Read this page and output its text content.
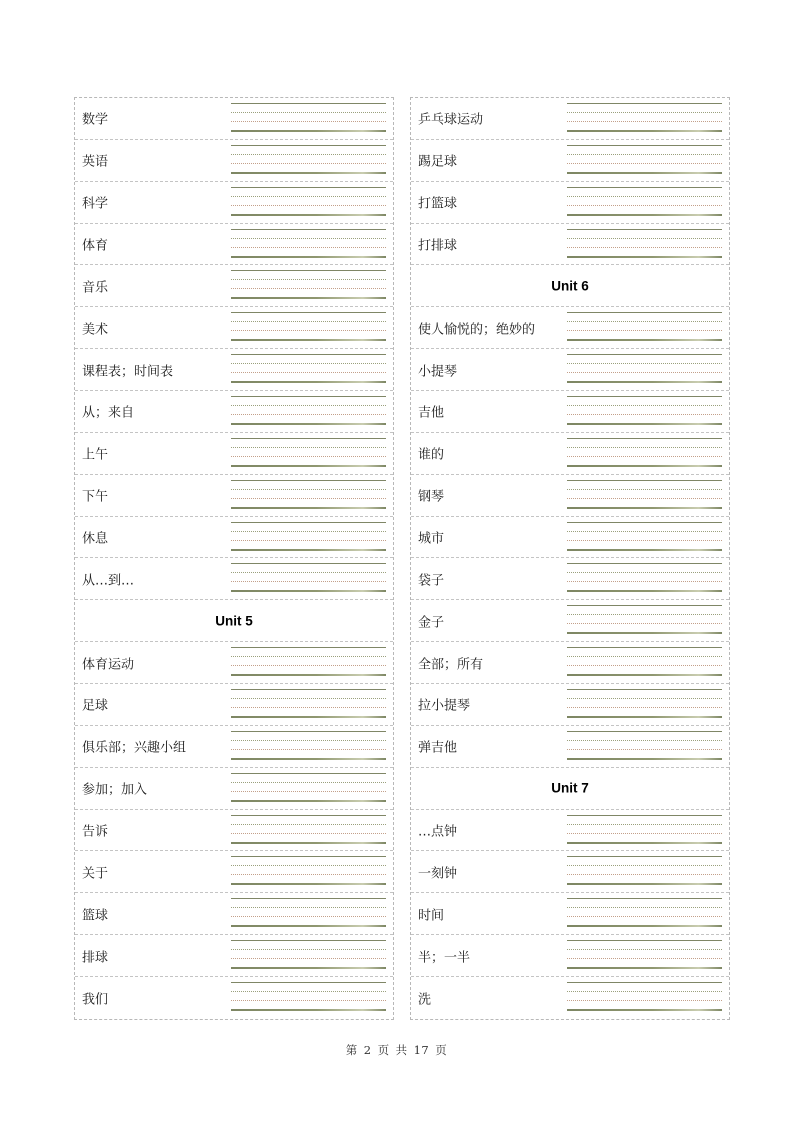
数学
英语
科学
体育
音乐
美术
课程表；时间表
从；来自
上午
下午
休息
从…到…
Unit 5
体育运动
足球
俱乐部；兴趣小组
参加；加入
告诉
关于
篮球
排球
我们
乒乓球运动
踢足球
打篮球
打排球
Unit 6
使人愉悦的；绝妙的
小提琴
吉他
谁的
钢琴
城市
袋子
金子
全部；所有
拉小提琴
弹吉他
Unit 7
…点钟
一刻钟
时间
半；一半
洗
第 2 页 共 17 页
